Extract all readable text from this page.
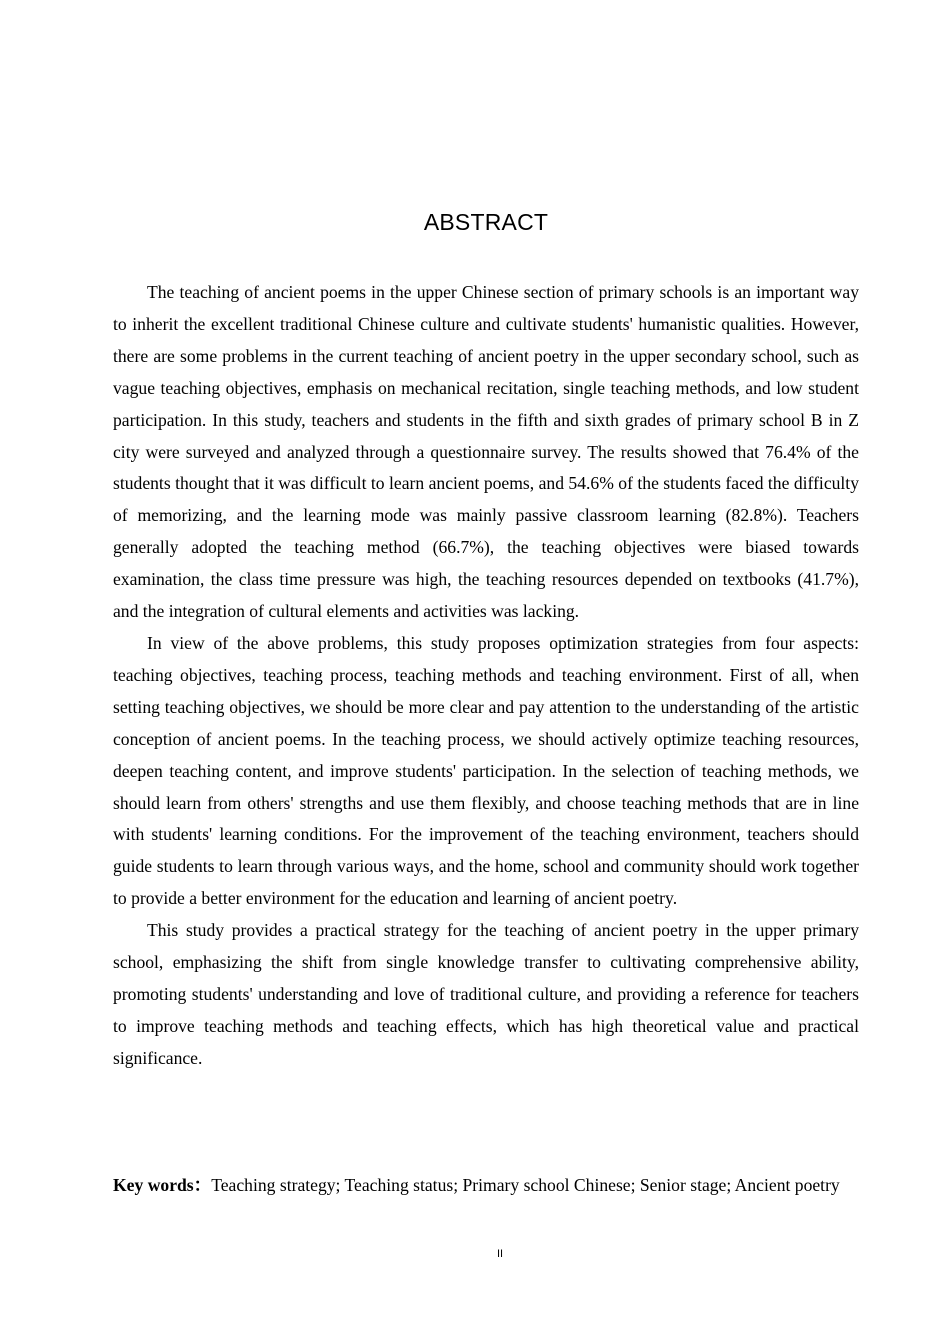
ABSTRACT

The teaching of ancient poems in the upper Chinese section of primary schools is an important way to inherit the excellent traditional Chinese culture and cultivate students' humanistic qualities. However, there are some problems in the current teaching of ancient poetry in the upper secondary school, such as vague teaching objectives, emphasis on mechanical recitation, single teaching methods, and low student participation. In this study, teachers and students in the fifth and sixth grades of primary school B in Z city were surveyed and analyzed through a questionnaire survey. The results showed that 76.4% of the students thought that it was difficult to learn ancient poems, and 54.6% of the students faced the difficulty of memorizing, and the learning mode was mainly passive classroom learning (82.8%). Teachers generally adopted the teaching method (66.7%), the teaching objectives were biased towards examination, the class time pressure was high, the teaching resources depended on textbooks (41.7%), and the integration of cultural elements and activities was lacking.

In view of the above problems, this study proposes optimization strategies from four aspects: teaching objectives, teaching process, teaching methods and teaching environment. First of all, when setting teaching objectives, we should be more clear and pay attention to the understanding of the artistic conception of ancient poems. In the teaching process, we should actively optimize teaching resources, deepen teaching content, and improve students' participation. In the selection of teaching methods, we should learn from others' strengths and use them flexibly, and choose teaching methods that are in line with students' learning conditions. For the improvement of the teaching environment, teachers should guide students to learn through various ways, and the home, school and community should work together to provide a better environment for the education and learning of ancient poetry.

This study provides a practical strategy for the teaching of ancient poetry in the upper primary school, emphasizing the shift from single knowledge transfer to cultivating comprehensive ability, promoting students' understanding and love of traditional culture, and providing a reference for teachers to improve teaching methods and teaching effects, which has high theoretical value and practical significance.

Key words：Teaching strategy; Teaching status; Primary school Chinese; Senior stage; Ancient poetry

II
